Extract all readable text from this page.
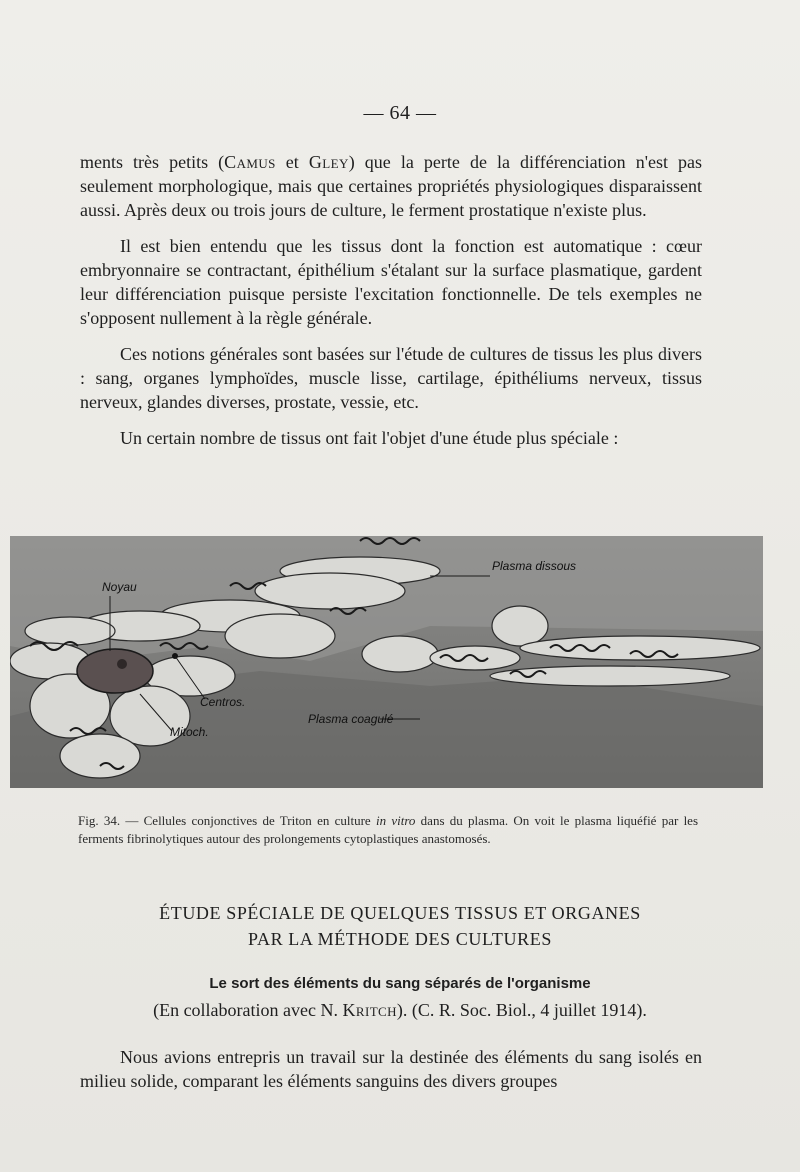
— 64 —

ments très petits (Camus et Gley) que la perte de la différenciation n'est pas seulement morphologique, mais que certaines propriétés physiologiques disparaissent aussi. Après deux ou trois jours de culture, le ferment prostatique n'existe plus.

Il est bien entendu que les tissus dont la fonction est automatique : cœur embryonnaire se contractant, épithélium s'étalant sur la surface plasmatique, gardent leur différenciation puisque persiste l'excitation fonctionnelle. De tels exemples ne s'opposent nullement à la règle générale.

Ces notions générales sont basées sur l'étude de cultures de tissus les plus divers : sang, organes lymphoïdes, muscle lisse, cartilage, épithéliums nerveux, tissus nerveux, glandes diverses, prostate, vessie, etc.

Un certain nombre de tissus ont fait l'objet d'une étude plus spéciale :

Noyau
Plasma dissous
Centros.
Plasma coagulé
Mitoch.
Fig. 34. — Cellules conjonctives de Triton en culture in vitro dans du plasma. On voit le plasma liquéfié par les ferments fibrinolytiques autour des prolongements cytoplastiques anastomosés.
ÉTUDE SPÉCIALE DE QUELQUES TISSUS ET ORGANES
PAR LA MÉTHODE DES CULTURES
Le sort des éléments du sang séparés de l'organisme
(En collaboration avec N. Kritch). (C. R. Soc. Biol., 4 juillet 1914).

Nous avions entrepris un travail sur la destinée des éléments du sang isolés en milieu solide, comparant les éléments sanguins des divers groupes
